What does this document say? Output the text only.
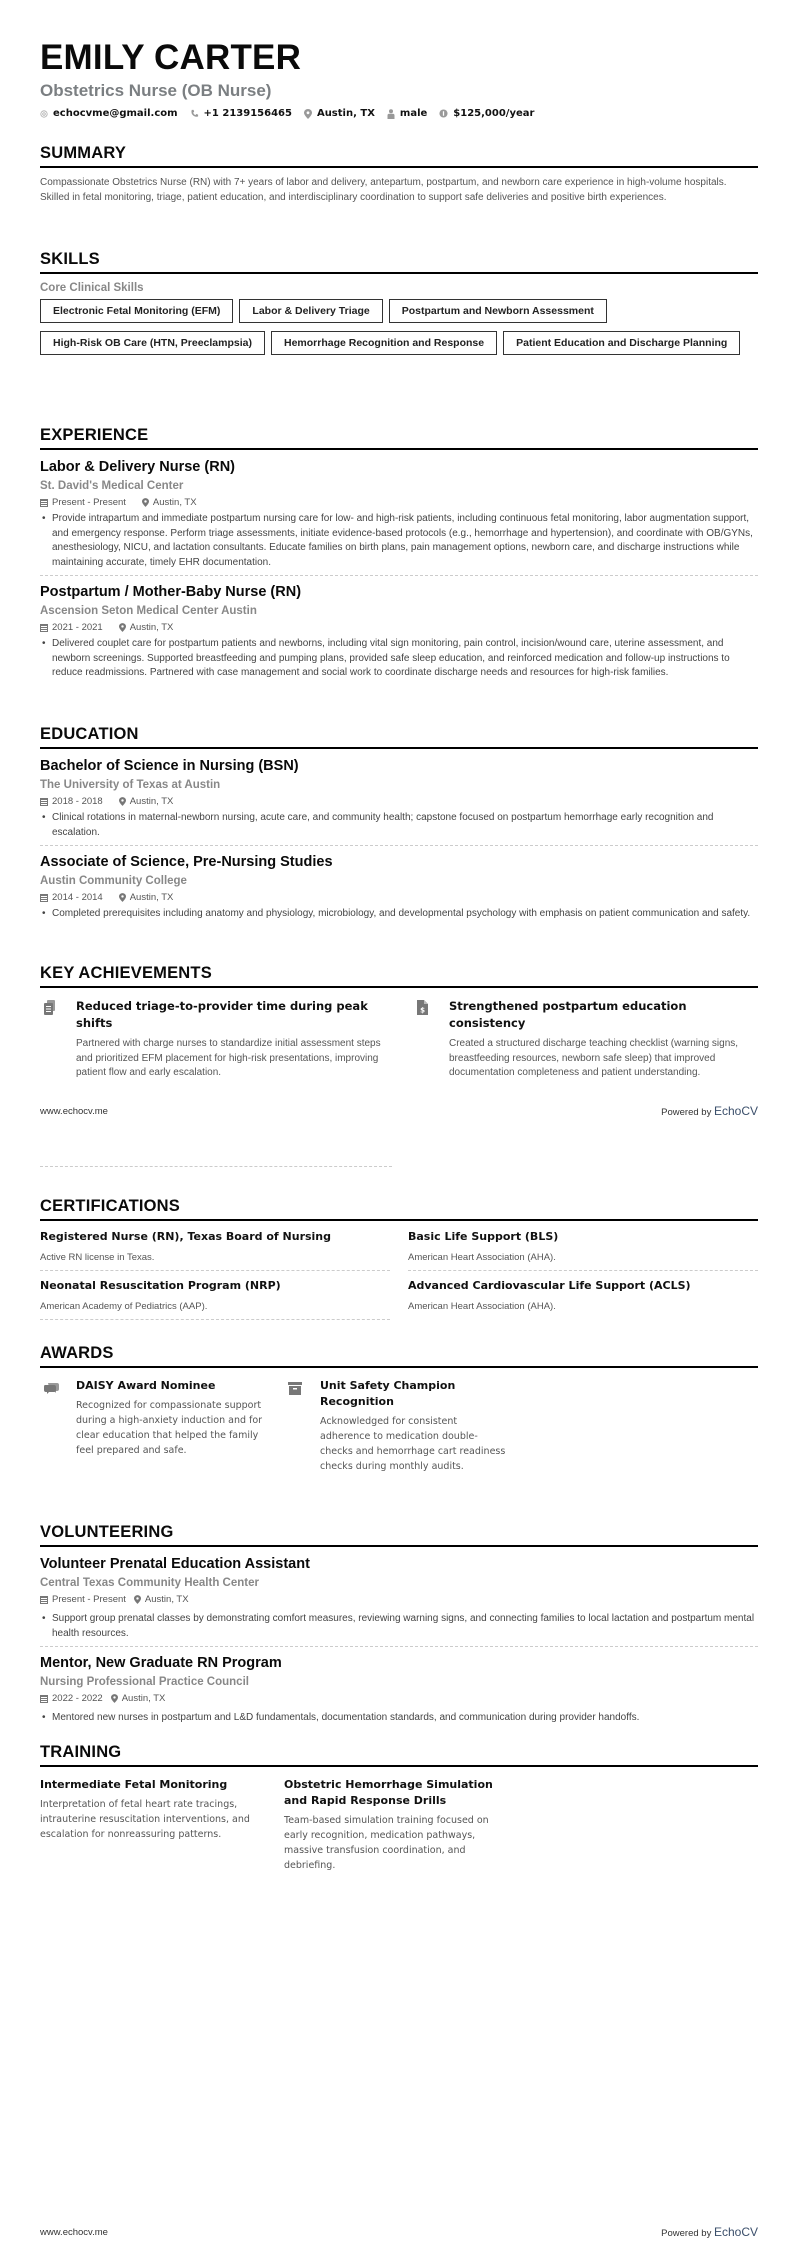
EMILY CARTER
Obstetrics Nurse (OB Nurse)
echocvme@gmail.com	+1 2139156465	Austin, TX	male	$125,000/year
SUMMARY

Compassionate Obstetrics Nurse (RN) with 7+ years of labor and delivery, antepartum, postpartum, and newborn care experience in high-volume hospitals. Skilled in fetal monitoring, triage, patient education, and interdisciplinary coordination to support safe deliveries and positive birth experiences.

SKILLS
Core Clinical Skills
Electronic Fetal Monitoring (EFM)	Labor & Delivery Triage	Postpartum and Newborn Assessment
High-Risk OB Care (HTN, Preeclampsia)	Hemorrhage Recognition and Response	Patient Education and Discharge Planning
EXPERIENCE
Labor & Delivery Nurse (RN)
St. David's Medical Center
Present - Present	Austin, TX
• Provide intrapartum and immediate postpartum nursing care for low- and high-risk patients, including continuous fetal monitoring, labor augmentation support, and emergency response. Perform triage assessments, initiate evidence-based protocols (e.g., hemorrhage and hypertension), and coordinate with OB/GYNs, anesthesiology, NICU, and lactation consultants. Educate families on birth plans, pain management options, newborn care, and discharge instructions while maintaining accurate, timely EHR documentation.
Postpartum / Mother-Baby Nurse (RN)
Ascension Seton Medical Center Austin
2021 - 2021	Austin, TX
• Delivered couplet care for postpartum patients and newborns, including vital sign monitoring, pain control, incision/wound care, uterine assessment, and newborn screenings. Supported breastfeeding and pumping plans, provided safe sleep education, and reinforced medication and follow-up instructions to reduce readmissions. Partnered with case management and social work to coordinate discharge needs and resources for high-risk families.
EDUCATION
Bachelor of Science in Nursing (BSN)
The University of Texas at Austin
2018 - 2018	Austin, TX
• Clinical rotations in maternal-newborn nursing, acute care, and community health; capstone focused on postpartum hemorrhage early recognition and escalation.
Associate of Science, Pre-Nursing Studies
Austin Community College
2014 - 2014	Austin, TX
• Completed prerequisites including anatomy and physiology, microbiology, and developmental psychology with emphasis on patient communication and safety.
KEY ACHIEVEMENTS
Reduced triage-to-provider time during peak shifts
Partnered with charge nurses to standardize initial assessment steps and prioritized EFM placement for high-risk presentations, improving patient flow and early escalation.
$ Strengthened postpartum education consistency
Created a structured discharge teaching checklist (warning signs, breastfeeding resources, newborn safe sleep) that improved documentation completeness and patient understanding.
www.echocv.me	Powered by EchoCV
CERTIFICATIONS
Registered Nurse (RN), Texas Board of Nursing
Active RN license in Texas.
Basic Life Support (BLS)
American Heart Association (AHA).
Neonatal Resuscitation Program (NRP)
American Academy of Pediatrics (AAP).
Advanced Cardiovascular Life Support (ACLS)
American Heart Association (AHA).
AWARDS
DAISY Award Nominee
Recognized for compassionate support during a high-anxiety induction and for clear education that helped the family feel prepared and safe.
Unit Safety Champion Recognition
Acknowledged for consistent adherence to medication double-checks and hemorrhage cart readiness checks during monthly audits.
VOLUNTEERING
Volunteer Prenatal Education Assistant
Central Texas Community Health Center
Present - Present Austin, TX
• Support group prenatal classes by demonstrating comfort measures, reviewing warning signs, and connecting families to local lactation and postpartum mental health resources.
Mentor, New Graduate RN Program
Nursing Professional Practice Council
2022 - 2022 Austin, TX
• Mentored new nurses in postpartum and L&D fundamentals, documentation standards, and communication during provider handoffs.
TRAINING
Intermediate Fetal Monitoring
Interpretation of fetal heart rate tracings, intrauterine resuscitation interventions, and escalation for nonreassuring patterns.
Obstetric Hemorrhage Simulation and Rapid Response Drills
Team-based simulation training focused on early recognition, medication pathways, massive transfusion coordination, and debriefing.
www.echocv.me	Powered by EchoCV
